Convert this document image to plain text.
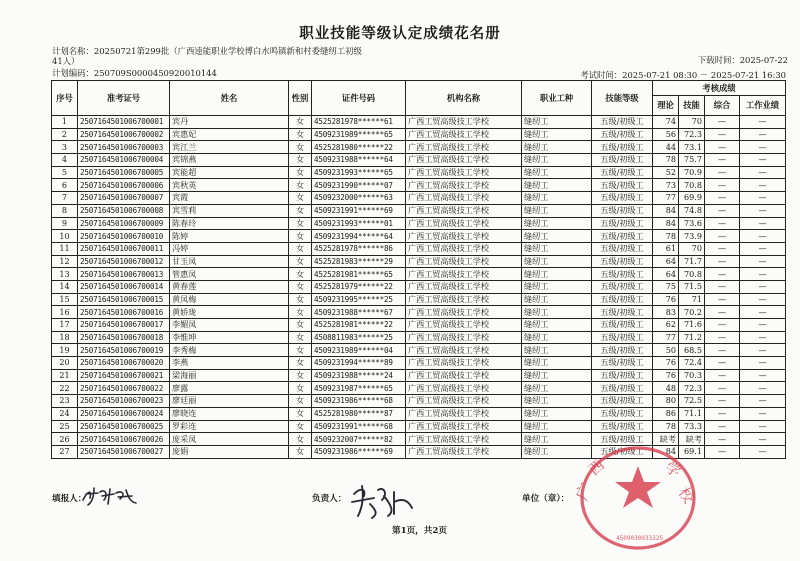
职业技能等级认定成绩花名册
计划名称：20250721第299批（广西逵能职业学校博白水鸣镇新和村委缝纫工初级
41人）
计划编码：250709S000045092001014​4
下载时间：2025-07-22
考试时间：2025-07-21 08:30 － 2025-07-21 16:30
序号	准考证号	姓名	性别	证件号码	机构名称	职业工种	技能等级	考核成绩			
								理论	技能	综合	工作业绩
1	250716450100670000​1	宾丹	女	4525281978******61	广西工贸高级技工学校	缝纫工	五级/初级工	74	70	—	—
2	2507164501006700002	宾惠妃	女	4509231989******65	广西工贸高级技工学校	缝纫工	五级/初级工	56	72.3	—	—
3	2507164501006700003	宾江兰	女	4525281980******22	广西工贸高级技工学校	缝纫工	五级/初级工	44	73.1	—	—
4	2507164501006700004	宾锦燕	女	4509231988******64	广西工贸高级技工学校	缝纫工	五级/初级工	78	75.7	—	—
5	2507164501006700005	宾能超	女	4509231993******65	广西工贸高级技工学校	缝纫工	五级/初级工	52	70.9	—	—
6	2507164501006700006	宾秋英	女	4509231990******07	广西工贸高级技工学校	缝纫工	五级/初级工	73	70.8	—	—
7	2507164501006700007	宾霞	女	4509232000******63	广西工贸高级技工学校	缝纫工	五级/初级工	77	69.9	—	—
8	2507164501006700008	宾雪莉	女	4509231991******69	广西工贸高级技工学校	缝纫工	五级/初级工	84	74.8	—	—
9	2507164501006700009	陈春玲	女	4509231993******01	广西工贸高级技工学校	缝纫工	五级/初级工	84	73.6	—	—
10	2507164501006700010	陈婷	女	4509231994******64	广西工贸高级技工学校	缝纫工	五级/初级工	78	73.9	—	—
11	2507164501006700011	冯婷	女	4525281978******86	广西工贸高级技工学校	缝纫工	五级/初级工	61	70	—	—
12	2507164501006700012	甘玉凤	女	4525281983******29	广西工贸高级技工学校	缝纫工	五级/初级工	64	71.7	—	—
13	2507164501006700013	管惠凤	女	4525281981******65	广西工贸高级技工学校	缝纫工	五级/初级工	64	70.8	—	—
14	2507164501006700014	黄春莲	女	4525281979******22	广西工贸高级技工学校	缝纫工	五级/初级工	75	71.5	—	—
15	2507164501006700015	黄凤梅	女	4509231995******25	广西工贸高级技工学校	缝纫工	五级/初级工	76	71	—	—
16	2507164501006700016	黄娇珑	女	4509231988******67	广西工贸高级技工学校	缝纫工	五级/初级工	83	70.2	—	—
17	2507164501006700017	李媚凤	女	4525281981******22	广西工贸高级技工学校	缝纫工	五级/初级工	62	71.6	—	—
18	2507164501006700018	李惟坤	女	4508811983******25	广西工贸高级技工学校	缝纫工	五级/初级工	77	71.2	—	—
19	2507164501006700019	李秀梅	女	4509231989******04	广西工贸高级技工学校	缝纫工	五级/初级工	50	68.5	—	—
20	2507164501006700020	李燕	女	4509231994******89	广西工贸高级技工学校	缝纫工	五级/初级工	76	72.4	—	—
21	2507164501006700021	梁海丽	女	4509231988******24	广西工贸高级技工学校	缝纫工	五级/初级工	76	70.3	—	—
22	2507164501006700022	廖露	女	4509231987******65	广西工贸高级技工学校	缝纫工	五级/初级工	48	72.3	—	—
23	2507164501006700023	廖廷丽	女	4509231986******68	广西工贸高级技工学校	缝纫工	五级/初级工	80	72.5	—	—
24	2507164501006700024	廖晓连	女	4525281980******87	广西工贸高级技工学校	缝纫工	五级/初级工	86	71.1	—	—
25	2507164501006700025	罗彩连	女	4509231991******68	广西工贸高级技工学校	缝纫工	五级/初级工	78	73.3	—	—
26	2507164501006700026	庞采凤	女	4509232007******82	广西工贸高级技工学校	缝纫工	五级/初级工	缺考	缺考	—	—
27	2507164501006700027	庞娟	女	4509231986******69	广西工贸高级技工学校	缝纫工	五级/初级工	84	69.1	—	—
填报人：	负责人：	单位（章）： 广
西	学
校
4509030033325
第1页，共2页
